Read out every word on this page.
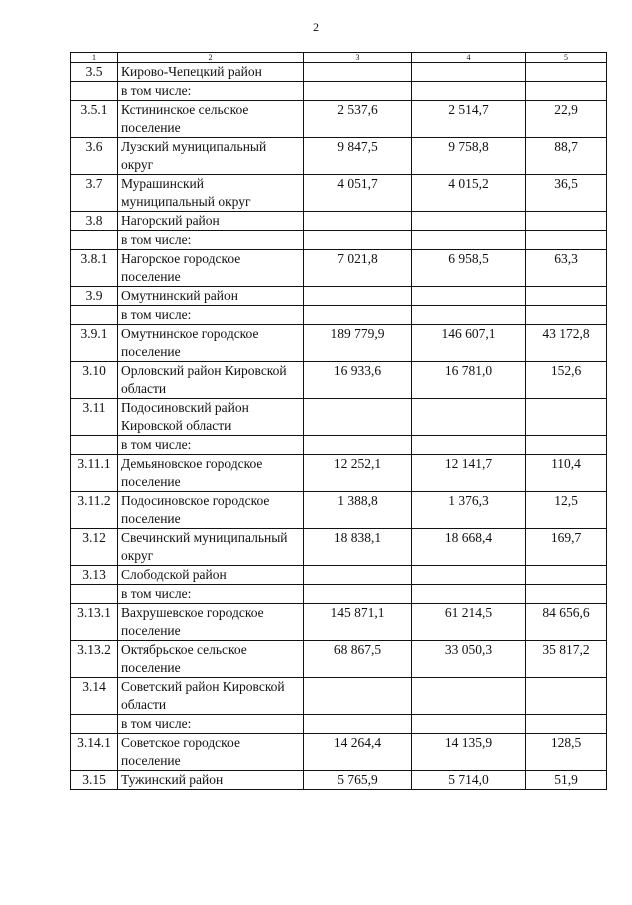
2
1	2	3	4	5
3.5	Кирово-Чепецкий район			
	в том числе:			
3.5.1	Кстининское сельское поселение	2 537,6	2 514,7	22,9
3.6	Лузский муниципальный округ	9 847,5	9 758,8	88,7
3.7	Мурашинский муниципальный округ	4 051,7	4 015,2	36,5
3.8	Нагорский район			
	в том числе:			
3.8.1	Нагорское городское поселение	7 021,8	6 958,5	63,3
3.9	Омутнинский район			
	в том числе:			
3.9.1	Омутнинское городское поселение	189 779,9	146 607,1	43 172,8
3.10	Орловский район Кировской области	16 933,6	16 781,0	152,6
3.11	Подосиновский район Кировской области			
	в том числе:			
3.11.1	Демьяновское городское поселение	12 252,1	12 141,7	110,4
3.11.2	Подосиновское городское поселение	1 388,8	1 376,3	12,5
3.12	Свечинский муниципальный округ	18 838,1	18 668,4	169,7
3.13	Слободской район			
	в том числе:			
3.13.1	Вахрушевское городское поселение	145 871,1	61 214,5	84 656,6
3.13.2	Октябрьское сельское поселение	68 867,5	33 050,3	35 817,2
3.14	Советский район Кировской области			
	в том числе:			
3.14.1	Советское городское поселение	14 264,4	14 135,9	128,5
3.15	Тужинский район	5 765,9	5 714,0	51,9
